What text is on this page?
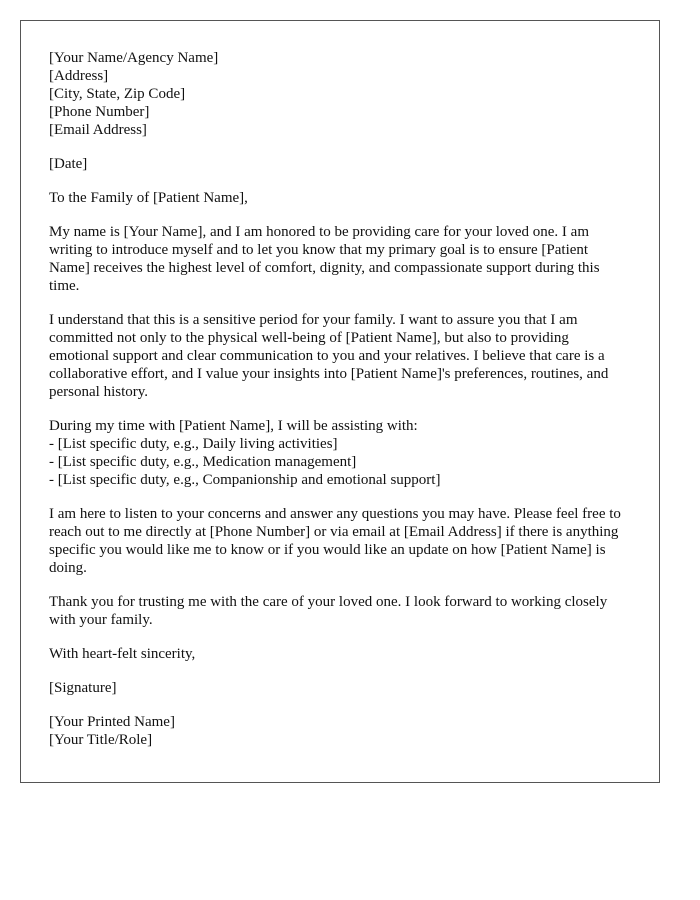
[Your Name/Agency Name]
[Address]
[City, State, Zip Code]
[Phone Number]
[Email Address]

[Date]

To the Family of [Patient Name],

My name is [Your Name], and I am honored to be providing care for your loved one. I am writing to introduce myself and to let you know that my primary goal is to ensure [Patient Name] receives the highest level of comfort, dignity, and compassionate support during this time.

I understand that this is a sensitive period for your family. I want to assure you that I am committed not only to the physical well-being of [Patient Name], but also to providing emotional support and clear communication to you and your relatives. I believe that care is a collaborative effort, and I value your insights into [Patient Name]'s preferences, routines, and personal history.

During my time with [Patient Name], I will be assisting with:
- [List specific duty, e.g., Daily living activities]
- [List specific duty, e.g., Medication management]
- [List specific duty, e.g., Companionship and emotional support]

I am here to listen to your concerns and answer any questions you may have. Please feel free to reach out to me directly at [Phone Number] or via email at [Email Address] if there is anything specific you would like me to know or if you would like an update on how [Patient Name] is doing.

Thank you for trusting me with the care of your loved one. I look forward to working closely with your family.

With heart-felt sincerity,

[Signature]

[Your Printed Name]
[Your Title/Role]
